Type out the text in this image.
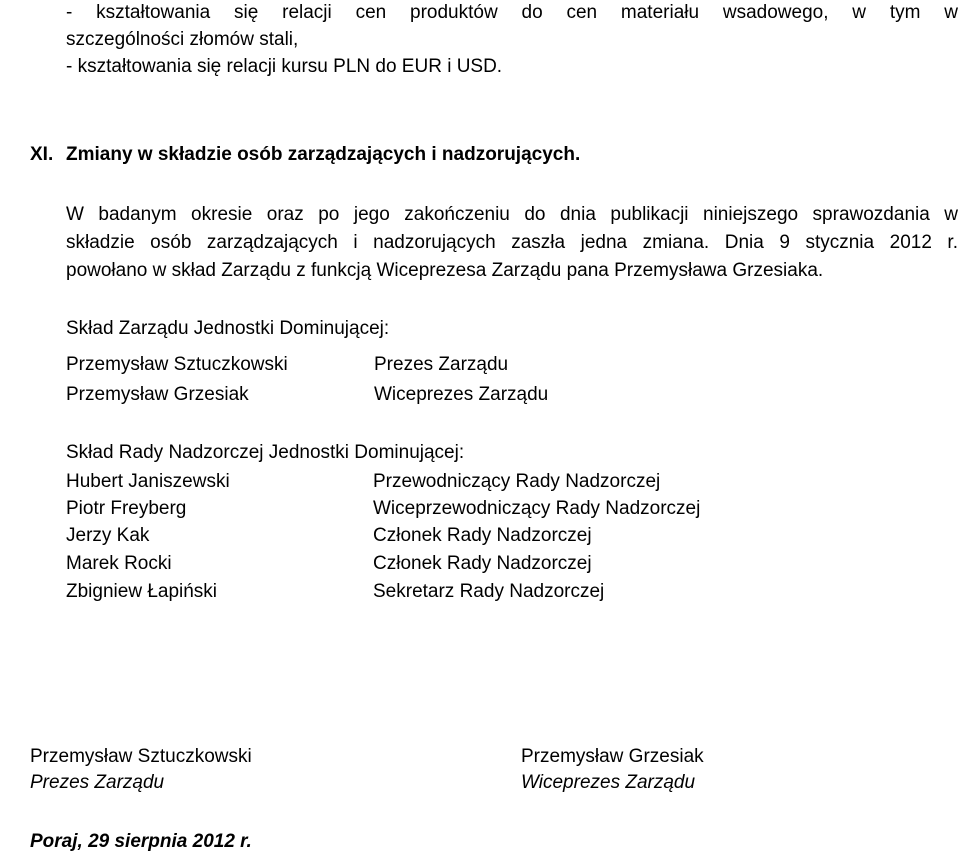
- kształtowania się relacji cen produktów do cen materiału wsadowego, w tym w
szczególności złomów stali,
- kształtowania się relacji kursu PLN do EUR i USD.
XI. Zmiany w składzie osób zarządzających i nadzorujących.
W badanym okresie oraz po jego zakończeniu do dnia publikacji niniejszego sprawozdania w
składzie osób zarządzających i nadzorujących zaszła jedna zmiana. Dnia 9 stycznia 2012 r.
powołano w skład Zarządu z funkcją Wiceprezesa Zarządu pana Przemysława Grzesiaka.
Skład Zarządu Jednostki Dominującej:
Przemysław Sztuczkowski	Prezes Zarządu
Przemysław Grzesiak	Wiceprezes Zarządu
Skład Rady Nadzorczej Jednostki Dominującej:
Hubert Janiszewski	Przewodniczący Rady Nadzorczej
Piotr Freyberg	Wiceprzewodniczący Rady Nadzorczej
Jerzy Kak	Członek Rady Nadzorczej
Marek Rocki	Członek Rady Nadzorczej
Zbigniew Łapiński	Sekretarz Rady Nadzorczej
Przemysław Sztuczkowski
Prezes Zarządu
Przemysław Grzesiak
Wiceprezes Zarządu
Poraj, 29 sierpnia 2012 r.
